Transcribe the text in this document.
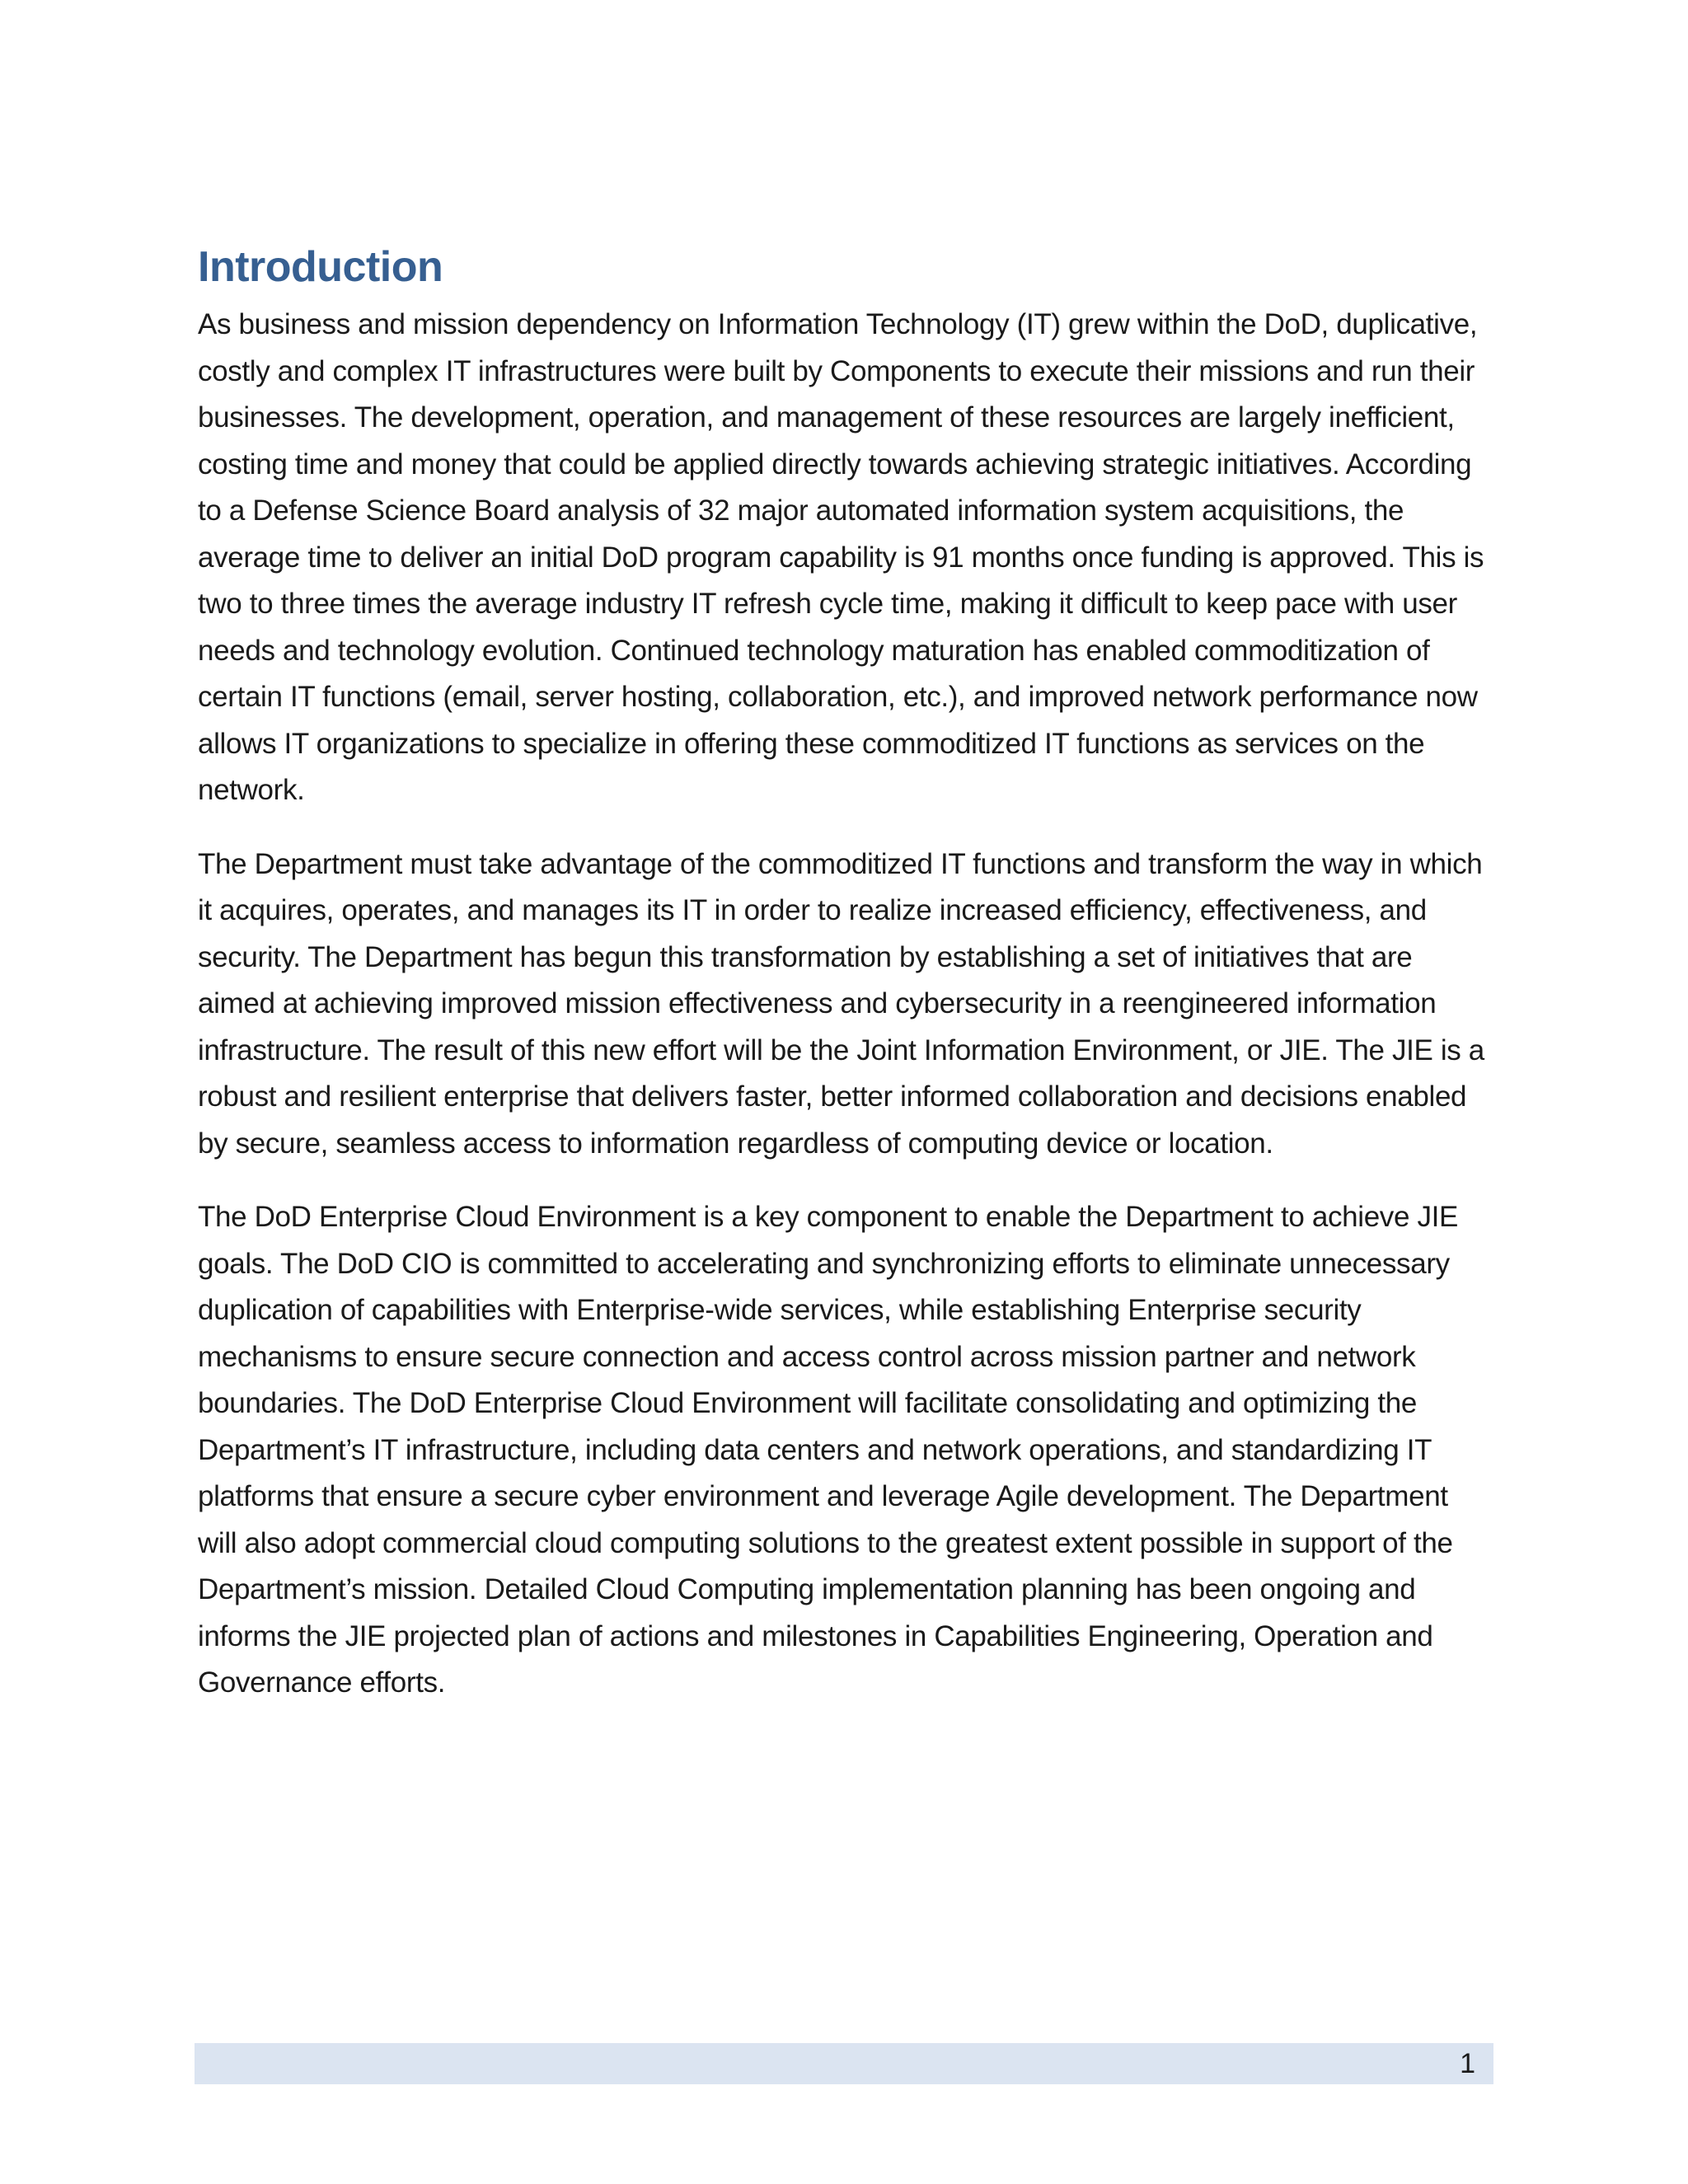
Introduction

As business and mission dependency on Information Technology (IT) grew within the DoD, duplicative, costly and complex IT infrastructures were built by Components to execute their missions and run their businesses. The development, operation, and management of these resources are largely inefficient, costing time and money that could be applied directly towards achieving strategic initiatives. According to a Defense Science Board analysis of 32 major automated information system acquisitions, the average time to deliver an initial DoD program capability is 91 months once funding is approved. This is two to three times the average industry IT refresh cycle time, making it difficult to keep pace with user needs and technology evolution. Continued technology maturation has enabled commoditization of certain IT functions (email, server hosting, collaboration, etc.), and improved network performance now allows IT organizations to specialize in offering these commoditized IT functions as services on the network.

The Department must take advantage of the commoditized IT functions and transform the way in which it acquires, operates, and manages its IT in order to realize increased efficiency, effectiveness, and security. The Department has begun this transformation by establishing a set of initiatives that are aimed at achieving improved mission effectiveness and cybersecurity in a reengineered information infrastructure. The result of this new effort will be the Joint Information Environment, or JIE. The JIE is a robust and resilient enterprise that delivers faster, better informed collaboration and decisions enabled by secure, seamless access to information regardless of computing device or location.

The DoD Enterprise Cloud Environment is a key component to enable the Department to achieve JIE goals. The DoD CIO is committed to accelerating and synchronizing efforts to eliminate unnecessary duplication of capabilities with Enterprise-wide services, while establishing Enterprise security mechanisms to ensure secure connection and access control across mission partner and network boundaries. The DoD Enterprise Cloud Environment will facilitate consolidating and optimizing the Department’s IT infrastructure, including data centers and network operations, and standardizing IT platforms that ensure a secure cyber environment and leverage Agile development. The Department will also adopt commercial cloud computing solutions to the greatest extent possible in support of the Department’s mission. Detailed Cloud Computing implementation planning has been ongoing and informs the JIE projected plan of actions and milestones in Capabilities Engineering, Operation and Governance efforts.

1
